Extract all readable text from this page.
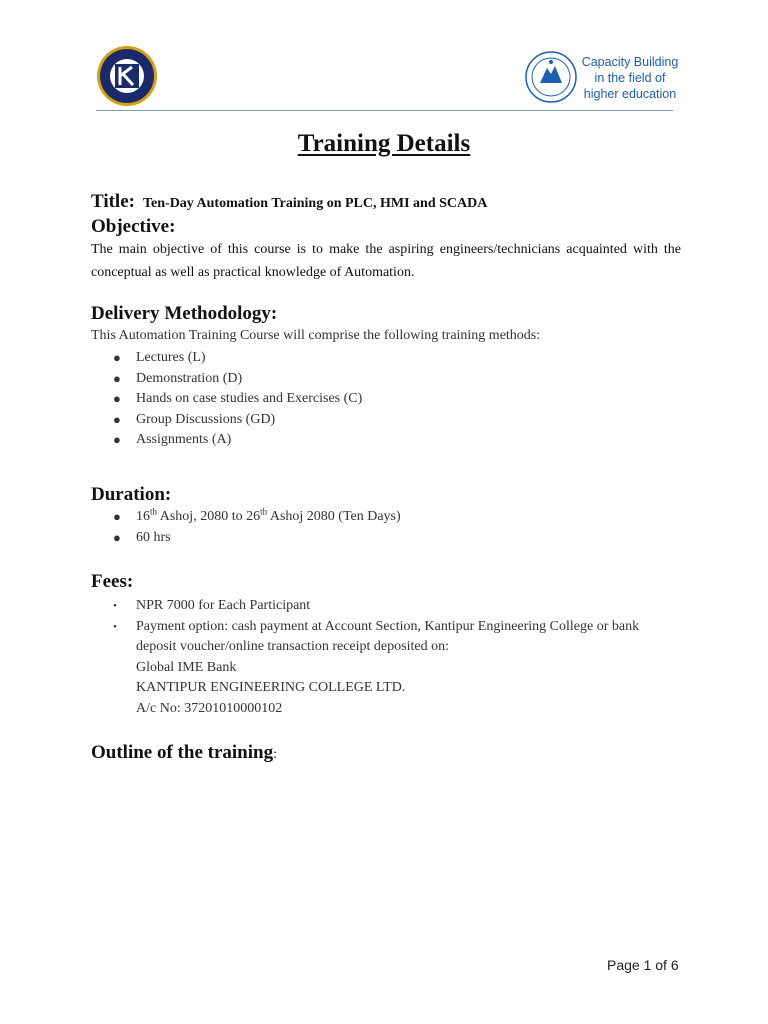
Capacity Building
in the field of
higher education
Training Details
Title: Ten-Day Automation Training on PLC, HMI and SCADA
Objective:
The main objective of this course is to make the aspiring engineers/technicians acquainted with the conceptual as well as practical knowledge of Automation.
Delivery Methodology:
This Automation Training Course will comprise the following training methods:
● Lectures (L)
● Demonstration (D)
● Hands on case studies and Exercises (C)
● Group Discussions (GD)
● Assignments (A)
Duration:
● 16th Ashoj, 2080 to 26th Ashoj 2080 (Ten Days)
● 60 hrs
Fees:
• NPR 7000 for Each Participant
• Payment option: cash payment at Account Section, Kantipur Engineering College or bank
deposit voucher/online transaction receipt deposited on:
Global IME Bank
KANTIPUR ENGINEERING COLLEGE LTD.
A/c No: 37201010000102
Outline of the training:
Page 1 of 6
